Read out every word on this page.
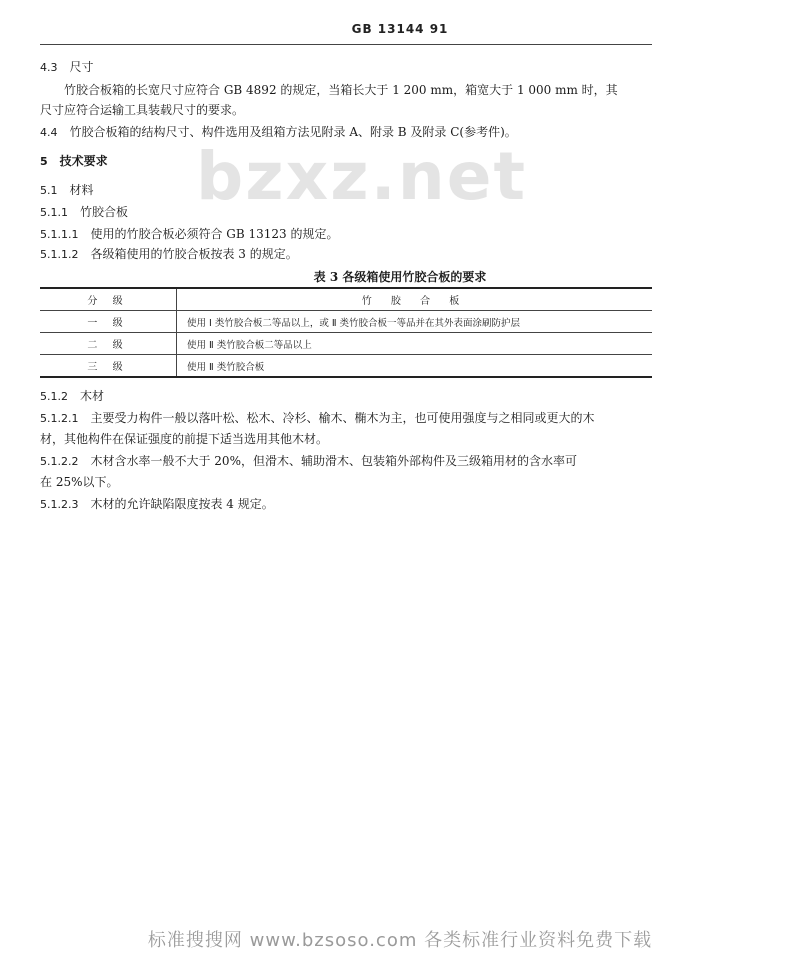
bzxz.net
GB 13144 91
4.3 尺寸
竹胶合板箱的长宽尺寸应符合 GB 4892 的规定，当箱长大于 1 200 mm，箱宽大于 1 000 mm 时，其
尺寸应符合运输工具装载尺寸的要求。
4.4 竹胶合板箱的结构尺寸、构件选用及组箱方法见附录 A、附录 B 及附录 C(参考件)。
5 技术要求
5.1 材料
5.1.1 竹胶合板
5.1.1.1 使用的竹胶合板必须符合 GB 13123 的规定。
5.1.1.2 各级箱使用的竹胶合板按表 3 的规定。
表 3 各级箱使用竹胶合板的要求
分 级	竹 胶 合 板
一 级	使用 Ⅰ 类竹胶合板二等品以上，或 Ⅱ 类竹胶合板一等品并在其外表面涂刷防护层
二 级	使用 Ⅱ 类竹胶合板二等品以上
三 级	使用 Ⅱ 类竹胶合板
5.1.2 木材
5.1.2.1 主要受力构件一般以落叶松、松木、冷杉、榆木、椭木为主，也可使用强度与之相同或更大的木
材，其他构件在保证强度的前提下适当选用其他木材。
5.1.2.2 木材含水率一般不大于 20%，但滑木、辅助滑木、包装箱外部构件及三级箱用材的含水率可
在 25%以下。
5.1.2.3 木材的允许缺陷限度按表 4 规定。
标准搜搜网 www.bzsoso.com 各类标准行业资料免费下载
